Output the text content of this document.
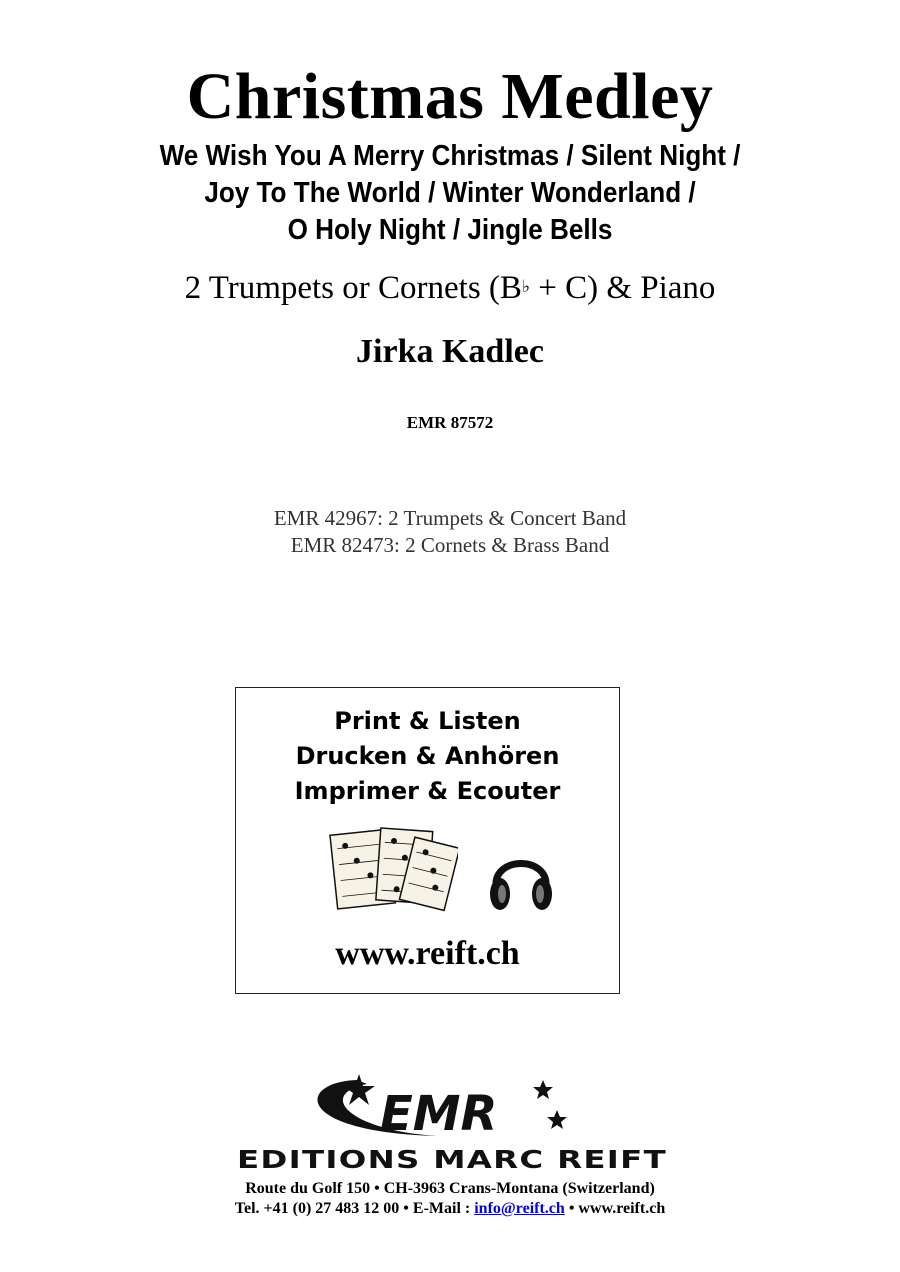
Christmas Medley
We Wish You A Merry Christmas / Silent Night /
Joy To The World / Winter Wonderland /
O Holy Night / Jingle Bells
2 Trumpets or Cornets (B♭ + C) & Piano
Jirka Kadlec
EMR 87572
EMR 42967: 2 Trumpets & Concert Band
EMR 82473: 2 Cornets & Brass Band
Print & Listen
Drucken & Anhören
Imprimer & Ecouter
www.reift.ch
EMR
EDITIONS MARC REIFT
Route du Golf 150 • CH-3963 Crans-Montana (Switzerland)
Tel. +41 (0) 27 483 12 00 • E-Mail : info@reift.ch • www.reift.ch
